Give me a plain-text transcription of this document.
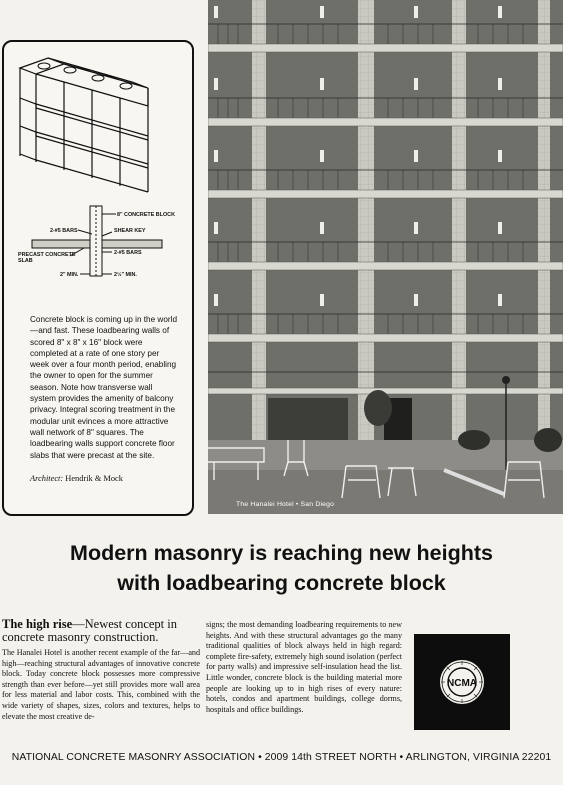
8" CONCRETE BLOCK
2-#5 BARS	SHEAR KEY
2-#5 BARS
PRECAST CONCRETE SLAB
2" MIN.	2½" MIN.
Concrete block is coming up in the world—and fast. These loadbearing walls of scored 8" x 8" x 16" block were completed at a rate of one story per week over a four month period, enabling the owner to open for the summer season. Note how transverse wall system provides the amenity of balcony privacy. Integral scoring treatment in the modular unit evinces a more attractive wall network of 8" squares. The loadbearing walls support concrete floor slabs that were precast at the site.
Architect: Hendrik & Mock
The Hanalei Hotel • San Diego
Modern masonry is reaching new heights
with loadbearing concrete block
The high rise—Newest concept in concrete masonry construction.
The Hanalei Hotel is another recent example of the far—and high—reaching structural advantages of innovative concrete block. Today concrete block possesses more compressive strength than ever before—yet still provides more wall area for less material and labor costs. This, combined with the wide variety of shapes, sizes, colors and textures, helps to elevate the most creative de-
signs; the most demanding loadbearing requirements to new heights. And with these structural advantages go the many traditional qualities of block always held in high regard: complete fire-safety, extremely high sound isolation (perfect for party walls) and impressive self-insulation head the list. Little wonder, concrete block is the building material more people are looking up to in high rises of every nature: hotels, condos and apartment buildings, college dorms, hospitals and office buildings.
NCMA
NATIONAL CONCRETE MASONRY ASSOCIATION • 2009 14th STREET NORTH • ARLINGTON, VIRGINIA 22201
